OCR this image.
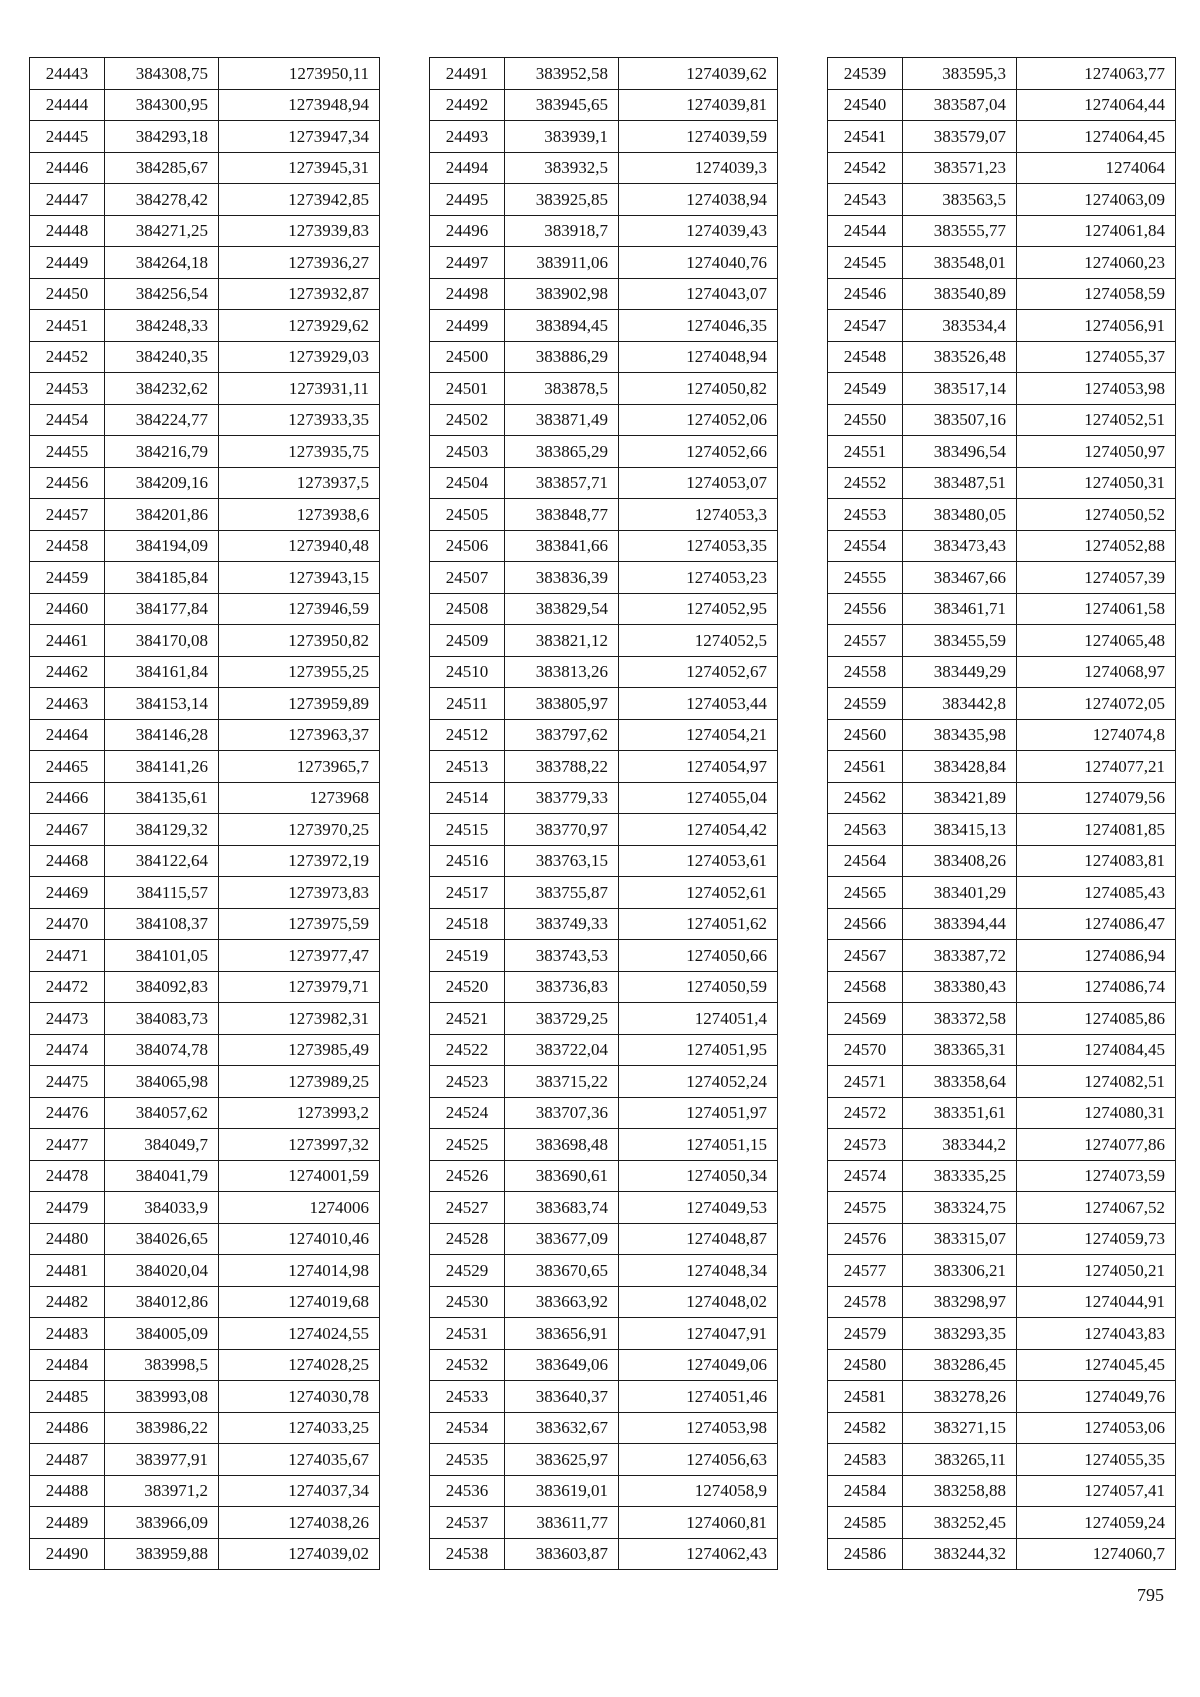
24443	384308,75	1273950,11
24444	384300,95	1273948,94
24445	384293,18	1273947,34
24446	384285,67	1273945,31
24447	384278,42	1273942,85
24448	384271,25	1273939,83
24449	384264,18	1273936,27
24450	384256,54	1273932,87
24451	384248,33	1273929,62
24452	384240,35	1273929,03
24453	384232,62	1273931,11
24454	384224,77	1273933,35
24455	384216,79	1273935,75
24456	384209,16	1273937,5
24457	384201,86	1273938,6
24458	384194,09	1273940,48
24459	384185,84	1273943,15
24460	384177,84	1273946,59
24461	384170,08	1273950,82
24462	384161,84	1273955,25
24463	384153,14	1273959,89
24464	384146,28	1273963,37
24465	384141,26	1273965,7
24466	384135,61	1273968
24467	384129,32	1273970,25
24468	384122,64	1273972,19
24469	384115,57	1273973,83
24470	384108,37	1273975,59
24471	384101,05	1273977,47
24472	384092,83	1273979,71
24473	384083,73	1273982,31
24474	384074,78	1273985,49
24475	384065,98	1273989,25
24476	384057,62	1273993,2
24477	384049,7	1273997,32
24478	384041,79	1274001,59
24479	384033,9	1274006
24480	384026,65	1274010,46
24481	384020,04	1274014,98
24482	384012,86	1274019,68
24483	384005,09	1274024,55
24484	383998,5	1274028,25
24485	383993,08	1274030,78
24486	383986,22	1274033,25
24487	383977,91	1274035,67
24488	383971,2	1274037,34
24489	383966,09	1274038,26
24490	383959,88	1274039,02
24491	383952,58	1274039,62
24492	383945,65	1274039,81
24493	383939,1	1274039,59
24494	383932,5	1274039,3
24495	383925,85	1274038,94
24496	383918,7	1274039,43
24497	383911,06	1274040,76
24498	383902,98	1274043,07
24499	383894,45	1274046,35
24500	383886,29	1274048,94
24501	383878,5	1274050,82
24502	383871,49	1274052,06
24503	383865,29	1274052,66
24504	383857,71	1274053,07
24505	383848,77	1274053,3
24506	383841,66	1274053,35
24507	383836,39	1274053,23
24508	383829,54	1274052,95
24509	383821,12	1274052,5
24510	383813,26	1274052,67
24511	383805,97	1274053,44
24512	383797,62	1274054,21
24513	383788,22	1274054,97
24514	383779,33	1274055,04
24515	383770,97	1274054,42
24516	383763,15	1274053,61
24517	383755,87	1274052,61
24518	383749,33	1274051,62
24519	383743,53	1274050,66
24520	383736,83	1274050,59
24521	383729,25	1274051,4
24522	383722,04	1274051,95
24523	383715,22	1274052,24
24524	383707,36	1274051,97
24525	383698,48	1274051,15
24526	383690,61	1274050,34
24527	383683,74	1274049,53
24528	383677,09	1274048,87
24529	383670,65	1274048,34
24530	383663,92	1274048,02
24531	383656,91	1274047,91
24532	383649,06	1274049,06
24533	383640,37	1274051,46
24534	383632,67	1274053,98
24535	383625,97	1274056,63
24536	383619,01	1274058,9
24537	383611,77	1274060,81
24538	383603,87	1274062,43
24539	383595,3	1274063,77
24540	383587,04	1274064,44
24541	383579,07	1274064,45
24542	383571,23	1274064
24543	383563,5	1274063,09
24544	383555,77	1274061,84
24545	383548,01	1274060,23
24546	383540,89	1274058,59
24547	383534,4	1274056,91
24548	383526,48	1274055,37
24549	383517,14	1274053,98
24550	383507,16	1274052,51
24551	383496,54	1274050,97
24552	383487,51	1274050,31
24553	383480,05	1274050,52
24554	383473,43	1274052,88
24555	383467,66	1274057,39
24556	383461,71	1274061,58
24557	383455,59	1274065,48
24558	383449,29	1274068,97
24559	383442,8	1274072,05
24560	383435,98	1274074,8
24561	383428,84	1274077,21
24562	383421,89	1274079,56
24563	383415,13	1274081,85
24564	383408,26	1274083,81
24565	383401,29	1274085,43
24566	383394,44	1274086,47
24567	383387,72	1274086,94
24568	383380,43	1274086,74
24569	383372,58	1274085,86
24570	383365,31	1274084,45
24571	383358,64	1274082,51
24572	383351,61	1274080,31
24573	383344,2	1274077,86
24574	383335,25	1274073,59
24575	383324,75	1274067,52
24576	383315,07	1274059,73
24577	383306,21	1274050,21
24578	383298,97	1274044,91
24579	383293,35	1274043,83
24580	383286,45	1274045,45
24581	383278,26	1274049,76
24582	383271,15	1274053,06
24583	383265,11	1274055,35
24584	383258,88	1274057,41
24585	383252,45	1274059,24
24586	383244,32	1274060,7
795
